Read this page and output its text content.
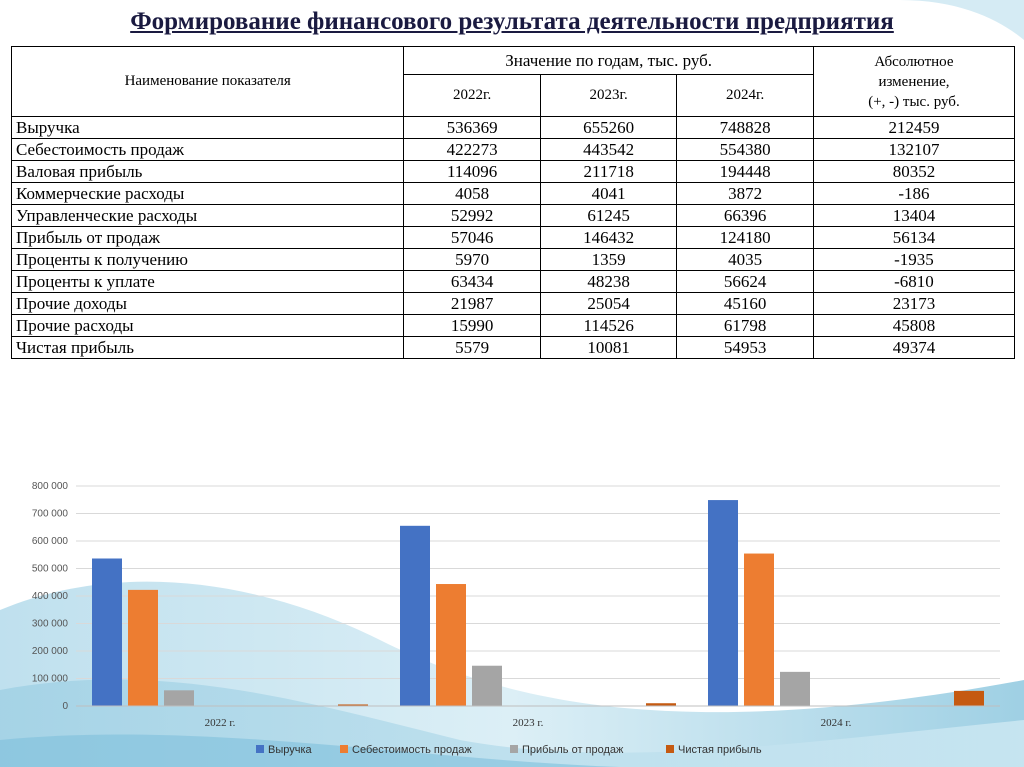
Формирование финансового результата деятельности предприятия
Наименование показателя	Значение по годам, тыс. руб.			Абсолютное
изменение,
(+, -) тыс. руб.

	2022г.	2023г.	2024г.	
Выручка	536369	655260	748828	212459
Себестоимость продаж	422273	443542	554380	132107
Валовая прибыль	114096	211718	194448	80352
Коммерческие расходы	4058	4041	3872	-186
Управленческие расходы	52992	61245	66396	13404
Прибыль от продаж	57046	146432	124180	56134
Проценты к получению	5970	1359	4035	-1935
Проценты к уплате	63434	48238	56624	-6810
Прочие доходы	21987	25054	45160	23173
Прочие расходы	15990	114526	61798	45808
Чистая прибыль	5579	10081	54953	49374
0
100 000
200 000
300 000
400 000
500 000
600 000
700 000
800 000
2022 г.	2023 г.	2024 г.
Выручка	Себестоимость продаж	Прибыль от продаж	Чистая прибыль
